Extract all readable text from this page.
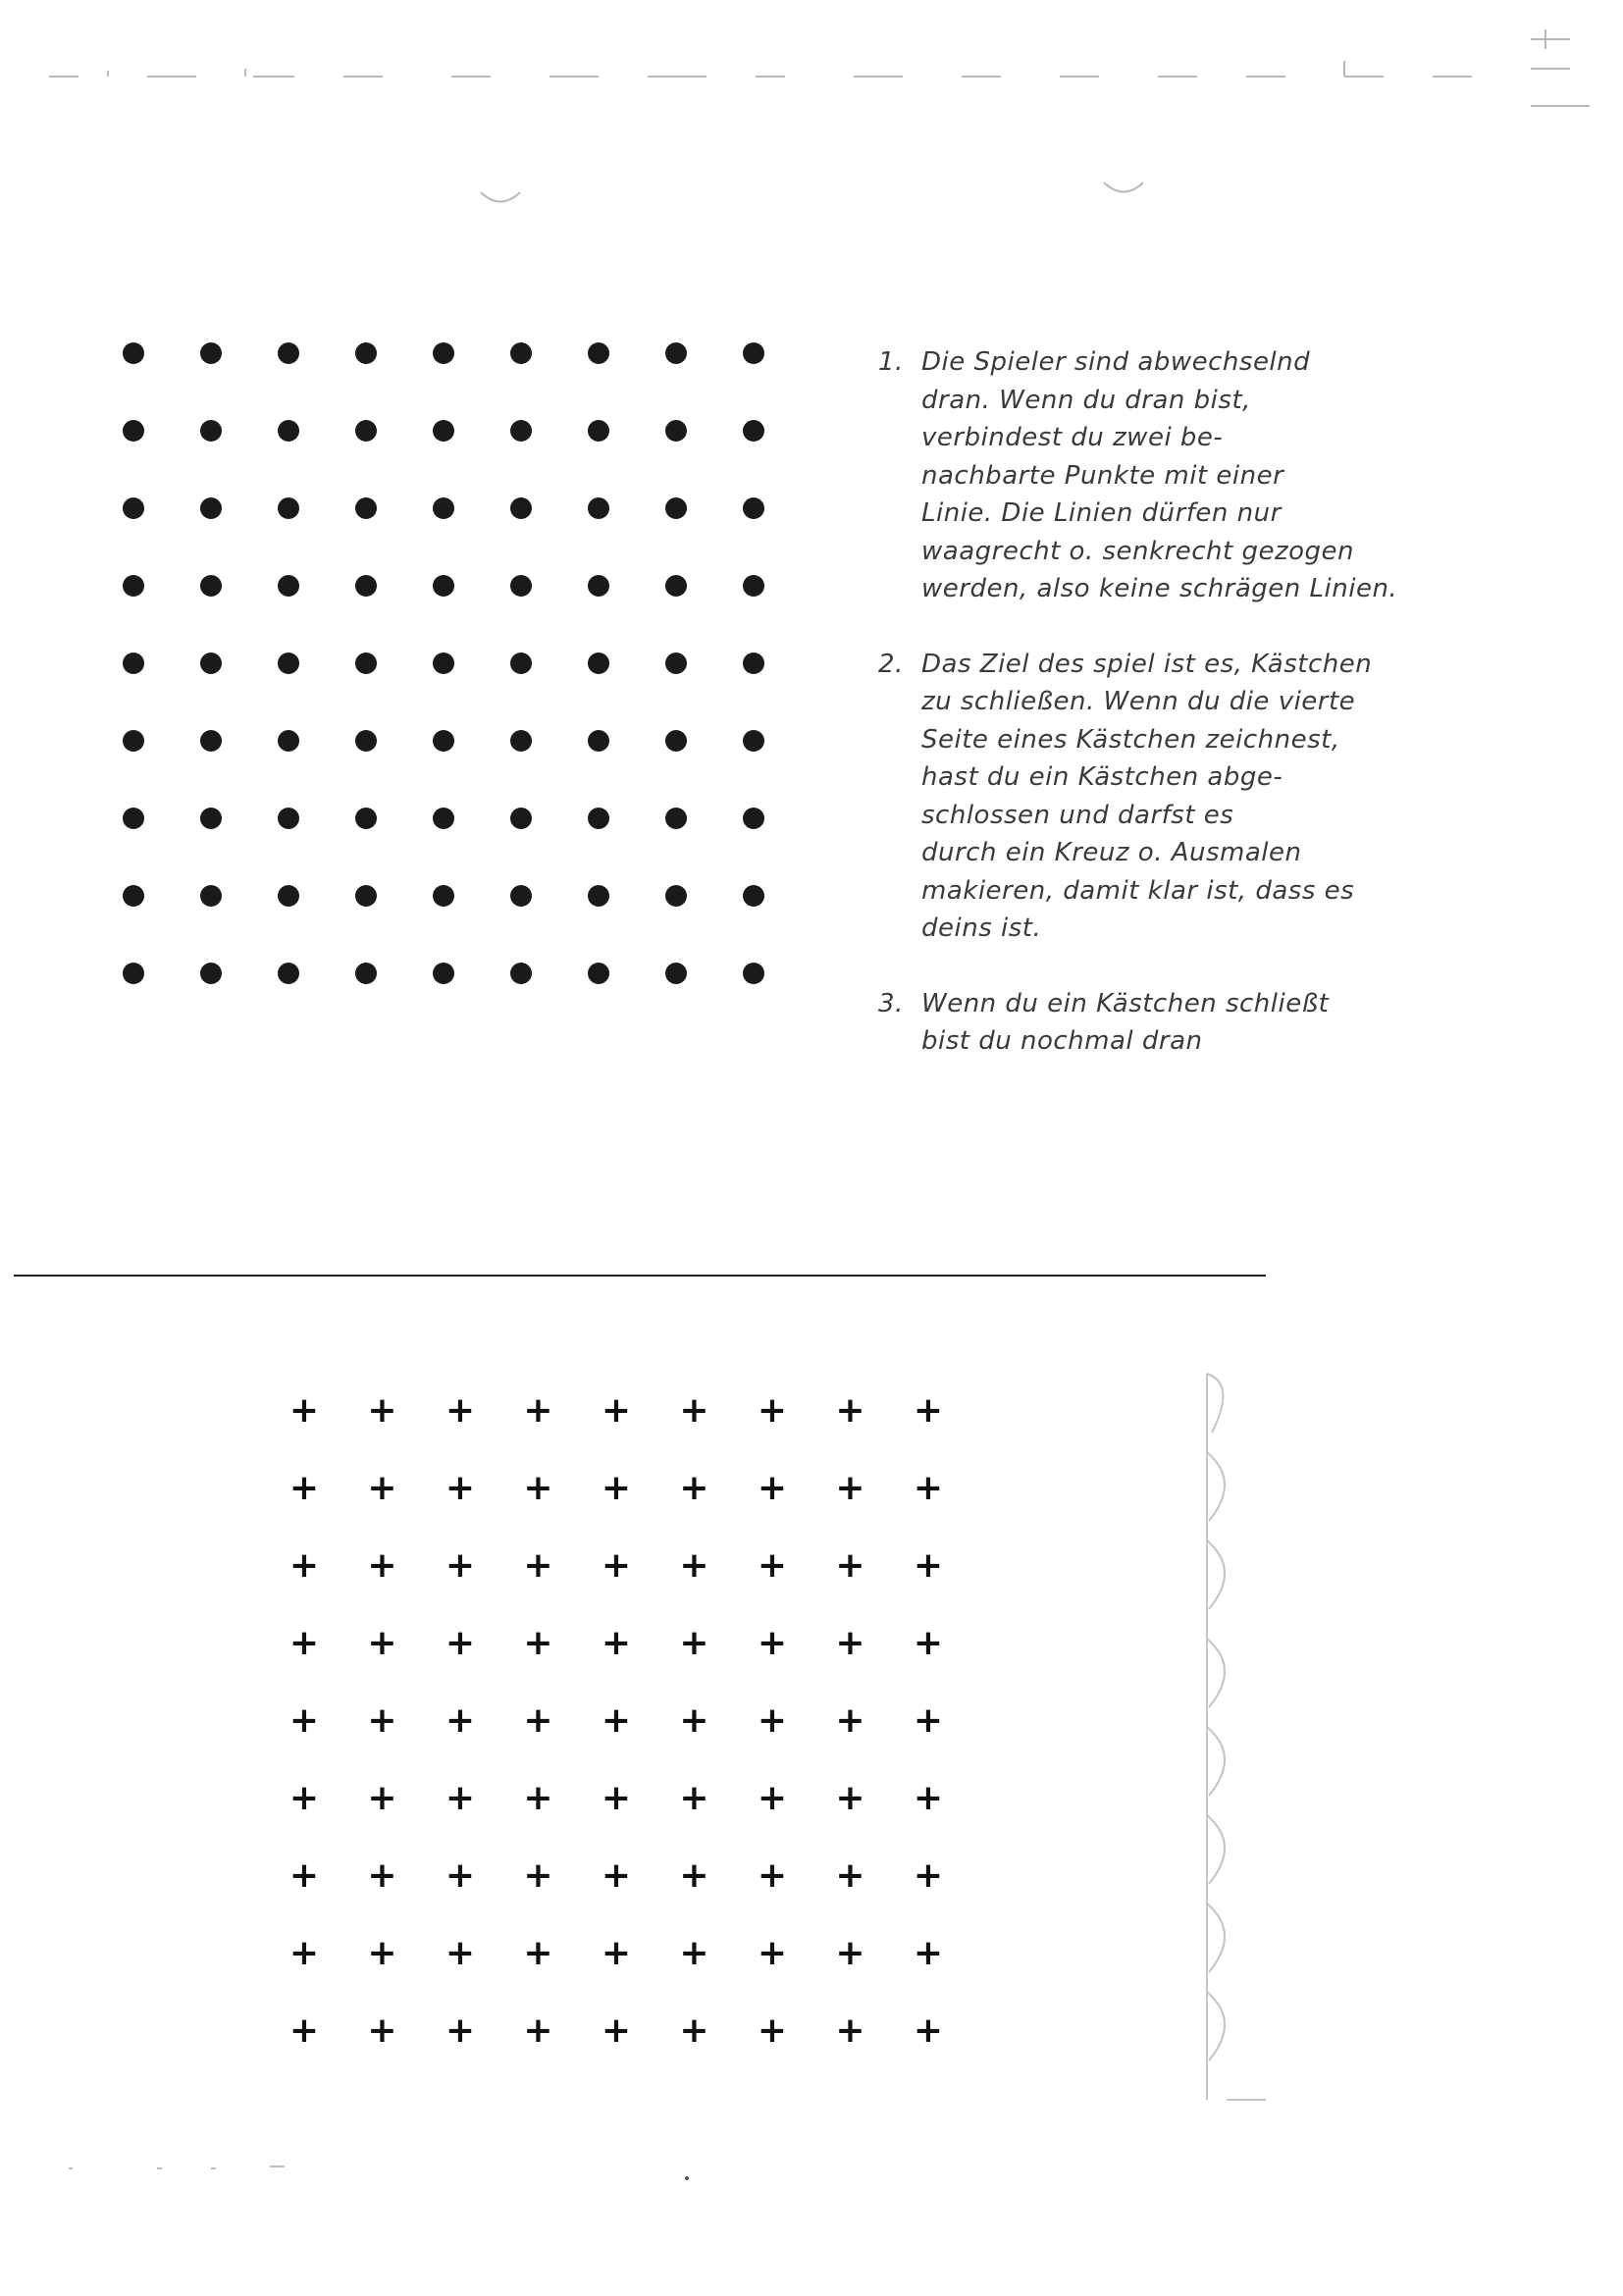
1. Die Spieler sind abwechselnd
dran. Wenn du dran bist,
verbindest du zwei be-
nachbarte Punkte mit einer
Linie. Die Linien dürfen nur
waagrecht o. senkrecht gezogen
werden, also keine schrägen Linien.
2. Das Ziel des spiel ist es, Kästchen
zu schließen. Wenn du die vierte
Seite eines Kästchen zeichnest,
hast du ein Kästchen abge-
schlossen und darfst es
durch ein Kreuz o. Ausmalen
makieren, damit klar ist, dass es
deins ist.
3. Wenn du ein Kästchen schließt
bist du nochmal dran
+ + + + + + + + +
+ + + + + + + + +
+ + + + + + + + +
+ + + + + + + + +
+ + + + + + + + +
+ + + + + + + + +
+ + + + + + + + +
+ + + + + + + + +
+ + + + + + + + +
